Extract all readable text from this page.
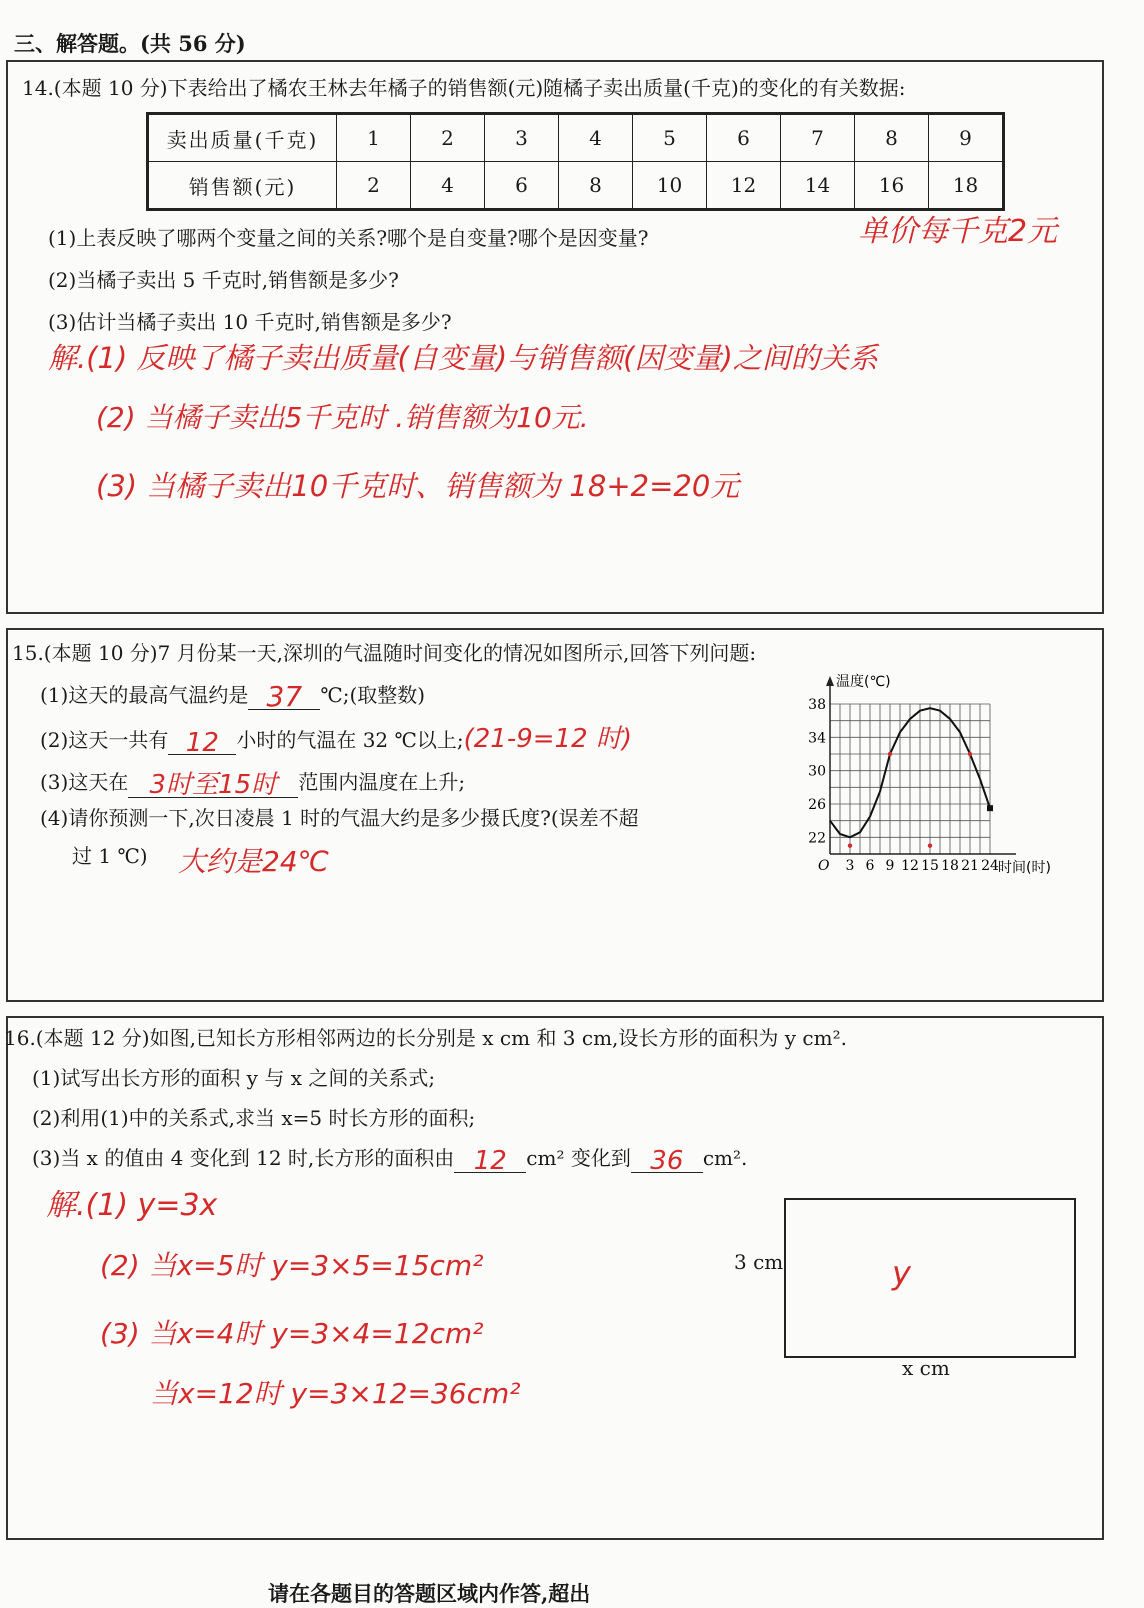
三、解答题。(共 56 分)
14.(本题 10 分)下表给出了橘农王林去年橘子的销售额(元)随橘子卖出质量(千克)的变化的有关数据:
卖出质量(千克)	1	2	3	4	5	6	7	8	9
销售额(元)	2	4	6	8	10	12	14	16	18
(1)上表反映了哪两个变量之间的关系?哪个是自变量?哪个是因变量?	单价每千克2元
(2)当橘子卖出 5 千克时,销售额是多少?
(3)估计当橘子卖出 10 千克时,销售额是多少?
解.(1) 反映了橘子卖出质量(自变量)与销售额(因变量)之间的关系
(2) 当橘子卖出5千克时 .销售额为10元.
(3) 当橘子卖出10千克时、销售额为 18+2=20元
15.(本题 10 分)7 月份某一天,深圳的气温随时间变化的情况如图所示,回答下列问题:
(1)这天的最高气温约是 37 ℃;(取整数)
(2)这天一共有 12 小时的气温在 32 ℃以上;(21-9=12 时)
(3)这天在 3时至15时 范围内温度在上升;
(4)请你预测一下,次日凌晨 1 时的气温大约是多少摄氏度?(误差不超
过 1 ℃) 大约是24℃	3 6 9 12 15 18 21 24
22
26
30
34
38
O
温度(℃)
时间(时)
16.(本题 12 分)如图,已知长方形相邻两边的长分别是 x cm 和 3 cm,设长方形的面积为 y cm².
(1)试写出长方形的面积 y 与 x 之间的关系式;
(2)利用(1)中的关系式,求当 x=5 时长方形的面积;
(3)当 x 的值由 4 变化到 12 时,长方形的面积由 12 cm² 变化到 36 cm².
解.(1) y=3x
(2) 当x=5时 y=3×5=15cm²
(3) 当x=4时 y=3×4=12cm²
当x=12时 y=3×12=36cm²
3 cm
x cm
y
请在各题目的答题区域内作答,超出
